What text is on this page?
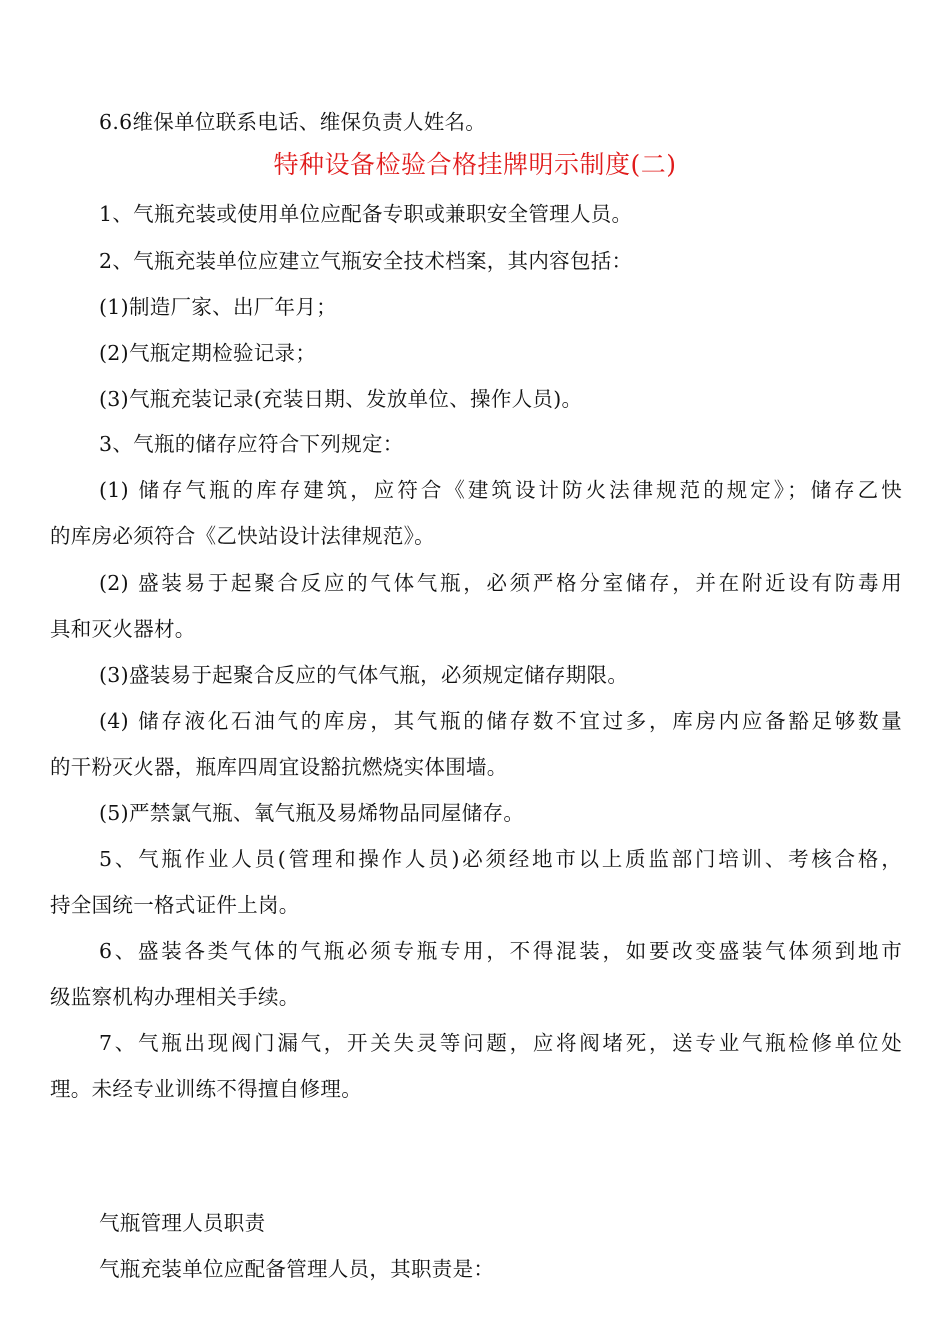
6.6维保单位联系电话、维保负责人姓名。
特种设备检验合格挂牌明示制度(二)
1、气瓶充装或使用单位应配备专职或兼职安全管理人员。
2、气瓶充装单位应建立气瓶安全技术档案，其内容包括：
(1)制造厂家、出厂年月；
(2)气瓶定期检验记录；
(3)气瓶充装记录(充装日期、发放单位、操作人员)。
3、气瓶的储存应符合下列规定：
(1) 储存气瓶的库存建筑，应符合《建筑设计防火法律规范的规定》；储存乙快
的库房必须符合《乙快站设计法律规范》。
(2) 盛装易于起聚合反应的气体气瓶，必须严格分室储存，并在附近设有防毒用
具和灭火器材。
(3)盛装易于起聚合反应的气体气瓶，必须规定储存期限。
(4) 储存液化石油气的库房，其气瓶的储存数不宜过多，库房内应备豁足够数量
的干粉灭火器，瓶库四周宜设豁抗燃烧实体围墙。
(5)严禁氯气瓶、氧气瓶及易烯物品同屋储存。
5、气瓶作业人员(管理和操作人员)必须经地市以上质监部门培训、考核合格，
持全国统一格式证件上岗。
6、盛装各类气体的气瓶必须专瓶专用，不得混装，如要改变盛装气体须到地市
级监察机构办理相关手续。
7、气瓶出现阀门漏气，开关失灵等问题，应将阀堵死，送专业气瓶检修单位处
理。未经专业训练不得擅自修理。
气瓶管理人员职责
气瓶充装单位应配备管理人员，其职责是：
